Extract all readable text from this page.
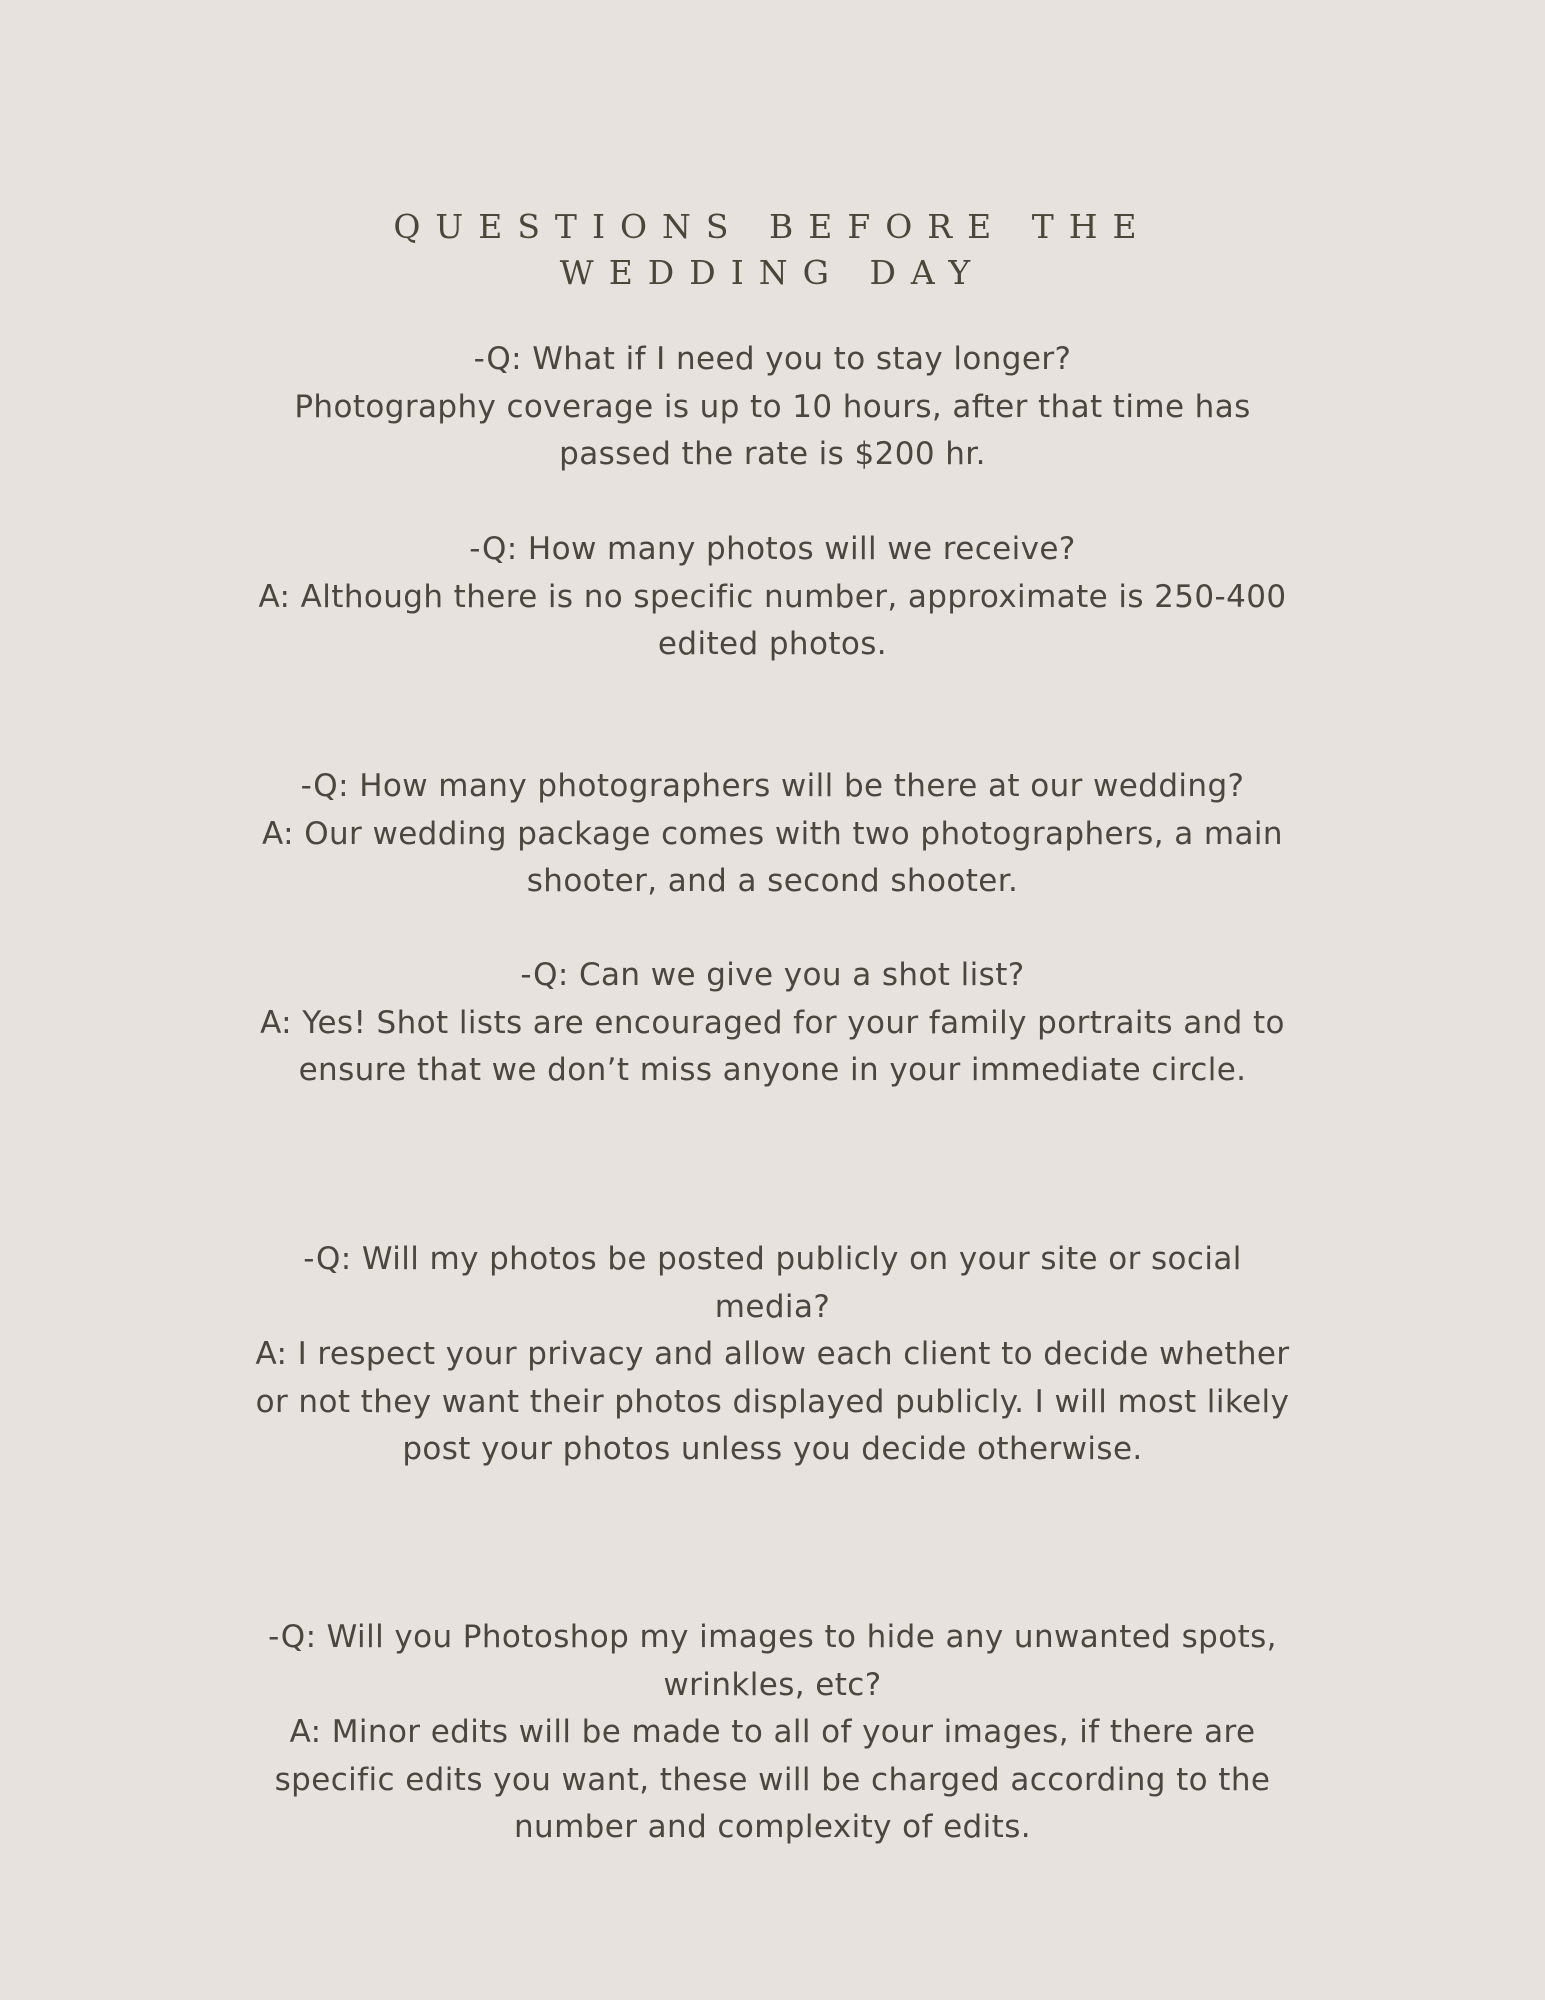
QUESTIONS BEFORE THE
WEDDING DAY

-Q: What if I need you to stay longer?

Photography coverage is up to 10 hours, after that time has passed the rate is $200 hr.

-Q: How many photos will we receive?

A: Although there is no specific number, approximate is 250-400 edited photos.

-Q: How many photographers will be there at our wedding?

A: Our wedding package comes with two photographers, a main shooter, and a second shooter.

-Q: Can we give you a shot list?

A: Yes! Shot lists are encouraged for your family portraits and to ensure that we don’t miss anyone in your immediate circle.

-Q: Will my photos be posted publicly on your site or social media?

A: I respect your privacy and allow each client to decide whether or not they want their photos displayed publicly. I will most likely post your photos unless you decide otherwise.

-Q: Will you Photoshop my images to hide any unwanted spots, wrinkles, etc?

A: Minor edits will be made to all of your images, if there are specific edits you want, these will be charged according to the number and complexity of edits.
